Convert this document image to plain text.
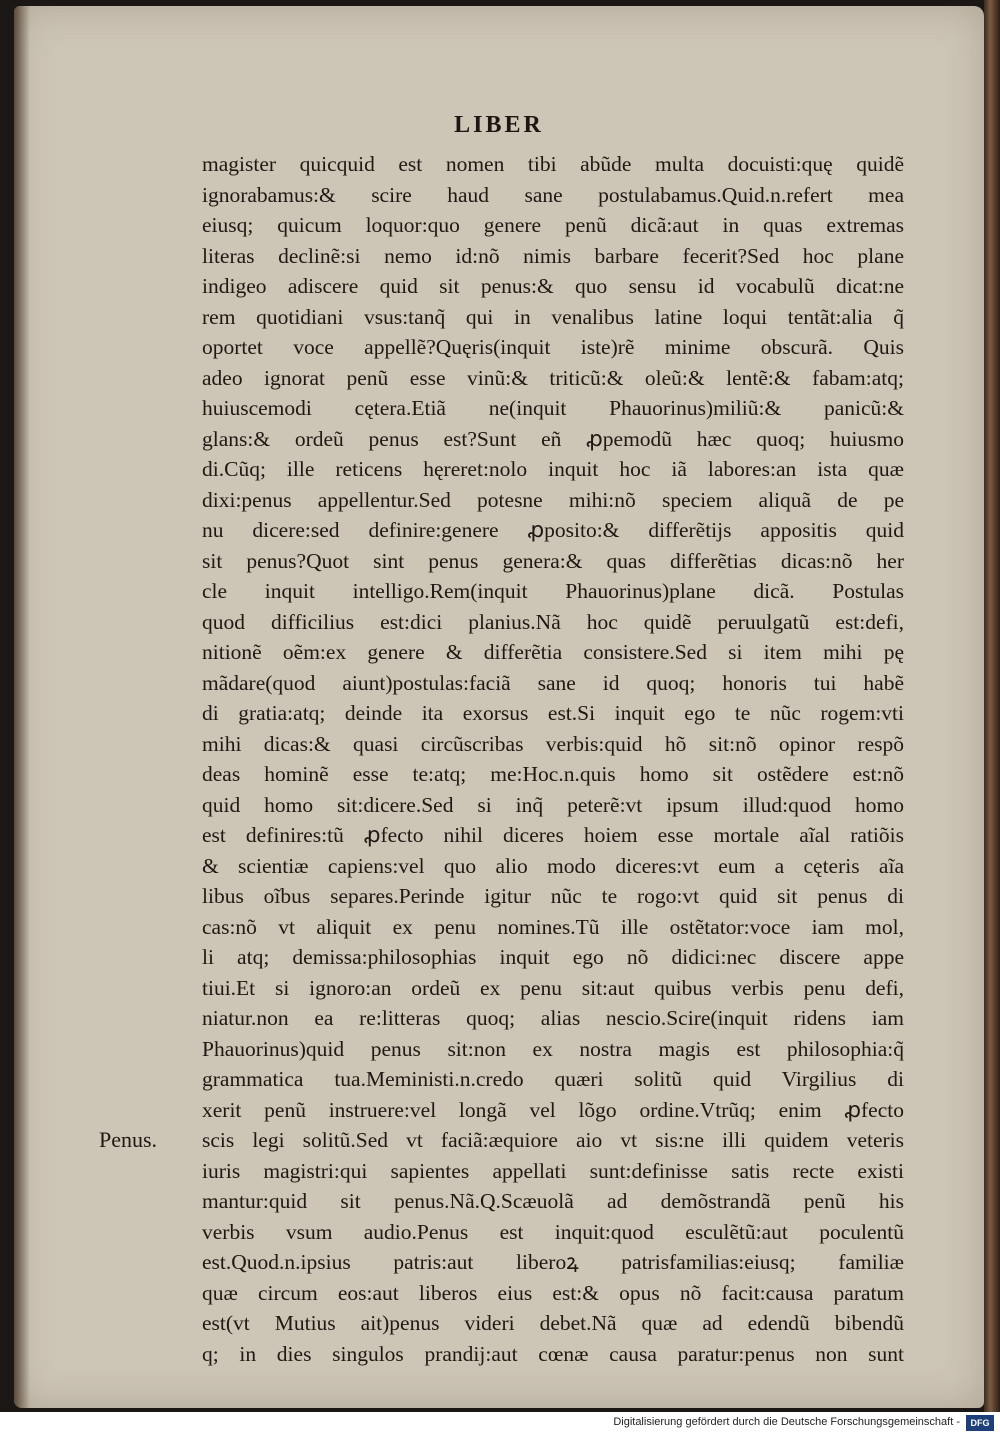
LIBER
magister quicquid est nomen tibi abũde multa docuisti:quę quidẽ
ignorabamus:& scire haud sane postulabamus.Quid.n.refert mea
eiusq; quicum loquor:quo genere penũ dicã:aut in quas extremas
literas declinẽ:si nemo id:nõ nimis barbare fecerit?Sed hoc plane
indigeo adiscere quid sit penus:& quo sensu id vocabulũ dicat:ne
rem quotidiani vsus:tanq̃ qui in venalibus latine loqui tentãt:alia q̃
oportet voce appellẽ?Quęris(inquit iste)rẽ minime obscurã. Quis
adeo ignorat penũ esse vinũ:& triticũ:& oleũ:& lentẽ:& fabam:atq;
huiuscemodi cętera.Etiã ne(inquit Phauorinus)miliũ:& panicũ:&
glans:& ordeũ penus est?Sunt eñ ꝓpemodũ hæc quoq; huiusmo
di.Cũq; ille reticens hęreret:nolo inquit hoc iã labores:an ista quæ
dixi:penus appellentur.Sed potesne mihi:nõ speciem aliquã de pe
nu dicere:sed definire:genere ꝓposito:& differẽtijs appositis quid
sit penus?Quot sint penus genera:& quas differẽtias dicas:nõ her
cle inquit intelligo.Rem(inquit Phauorinus)plane dicã. Postulas
quod difficilius est:dici planius.Nã hoc quidẽ peruulgatũ est:defi,
nitionẽ oẽm:ex genere & differẽtia consistere.Sed si item mihi pę
mãdare(quod aiunt)postulas:faciã sane id quoq; honoris tui habẽ
di gratia:atq; deinde ita exorsus est.Si inquit ego te nũc rogem:vti
mihi dicas:& quasi circũscribas verbis:quid hõ sit:nõ opinor respõ
deas hominẽ esse te:atq; me:Hoc.n.quis homo sit ostẽdere est:nõ
quid homo sit:dicere.Sed si inq̃ peterẽ:vt ipsum illud:quod homo
est definires:tũ ꝓfecto nihil diceres hoiem esse mortale aĩal ratiõis
& scientiæ capiens:vel quo alio modo diceres:vt eum a cęteris aĩa
libus oĩbus separes.Perinde igitur nũc te rogo:vt quid sit penus di
cas:nõ vt aliquit ex penu nomines.Tũ ille ostẽtator:voce iam mol,
li atq; demissa:philosophias inquit ego nõ didici:nec discere appe
tiui.Et si ignoro:an ordeũ ex penu sit:aut quibus verbis penu defi,
niatur.non ea re:litteras quoq; alias nescio.Scire(inquit ridens iam
Phauorinus)quid penus sit:non ex nostra magis est philosophia:q̃
grammatica tua.Meministi.n.credo quæri solitũ quid Virgilius di
xerit penũ instruere:vel longã vel lõgo ordine.Vtrũq; enim ꝓfecto
scis legi solitũ.Sed vt faciã:æquiore aio vt sis:ne illi quidem veteris
iuris magistri:qui sapientes appellati sunt:definisse satis recte existi
mantur:quid sit penus.Nã.Q.Scæuolã ad demõstrandã penũ his
verbis vsum audio.Penus est inquit:quod esculẽtũ:aut poculentũ
est.Quod.n.ipsius patris:aut liberoꝝ patrisfamilias:eiusq; familiæ
quæ circum eos:aut liberos eius est:& opus nõ facit:causa paratum
est(vt Mutius ait)penus videri debet.Nã quæ ad edendũ bibendũ
q; in dies singulos prandij:aut cœnæ causa paratur:penus non sunt
Penus.
Digitalisierung gefördert durch die Deutsche Forschungsgemeinschaft -	DFG
